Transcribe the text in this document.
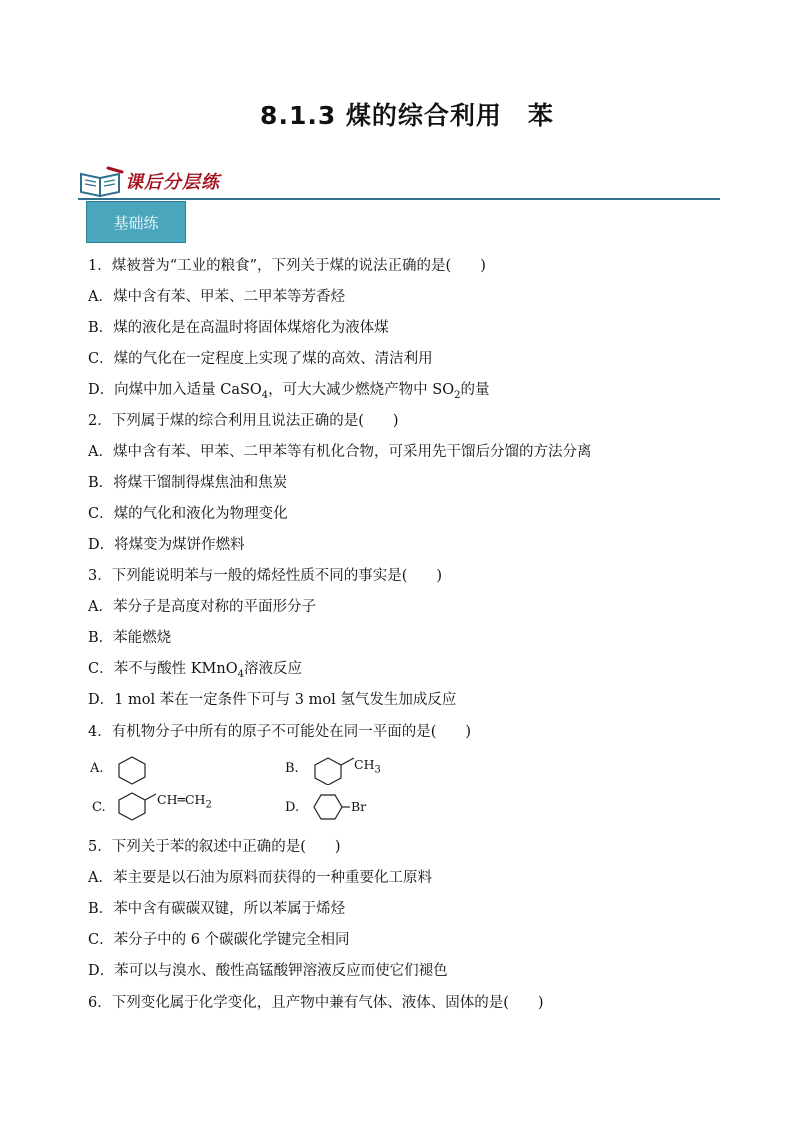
8.1.3 煤的综合利用　苯
课后分层练
基础练
1．煤被誉为“工业的粮食”，下列关于煤的说法正确的是(　　)
A．煤中含有苯、甲苯、二甲苯等芳香烃
B．煤的液化是在高温时将固体煤熔化为液体煤
C．煤的气化在一定程度上实现了煤的高效、清洁利用
D．向煤中加入适量 CaSO$_4$，可大大减少燃烧产物中 $SO_2$的量
2．下列属于煤的综合利用且说法正确的是(　　)
A．煤中含有苯、甲苯、二甲苯等有机化合物，可采用先干馏后分馏的方法分离
B．将煤干馏制得煤焦油和焦炭
C．煤的气化和液化为物理变化
D．将煤变为煤饼作燃料
3．下列能说明苯与一般的烯烃性质不同的事实是(　　)
A．苯分子是高度对称的平面形分子
B．苯能燃烧
C．苯不与酸性 KMnO$_4$溶液反应
D．1 mol 苯在一定条件下可与 3 mol 氢气发生加成反应
4．有机物分子中所有的原子不可能处在同一平面的是(　　)
A.	B.	$CH_3$
C.
$CH═CH_2$	D.	Br
5．下列关于苯的叙述中正确的是(　　)
A．苯主要是以石油为原料而获得的一种重要化工原料
B．苯中含有碳碳双键，所以苯属于烯烃
C．苯分子中的 6 个碳碳化学键完全相同
D．苯可以与溴水、酸性高锰酸钾溶液反应而使它们褪色
6．下列变化属于化学变化，且产物中兼有气体、液体、固体的是(　　)
